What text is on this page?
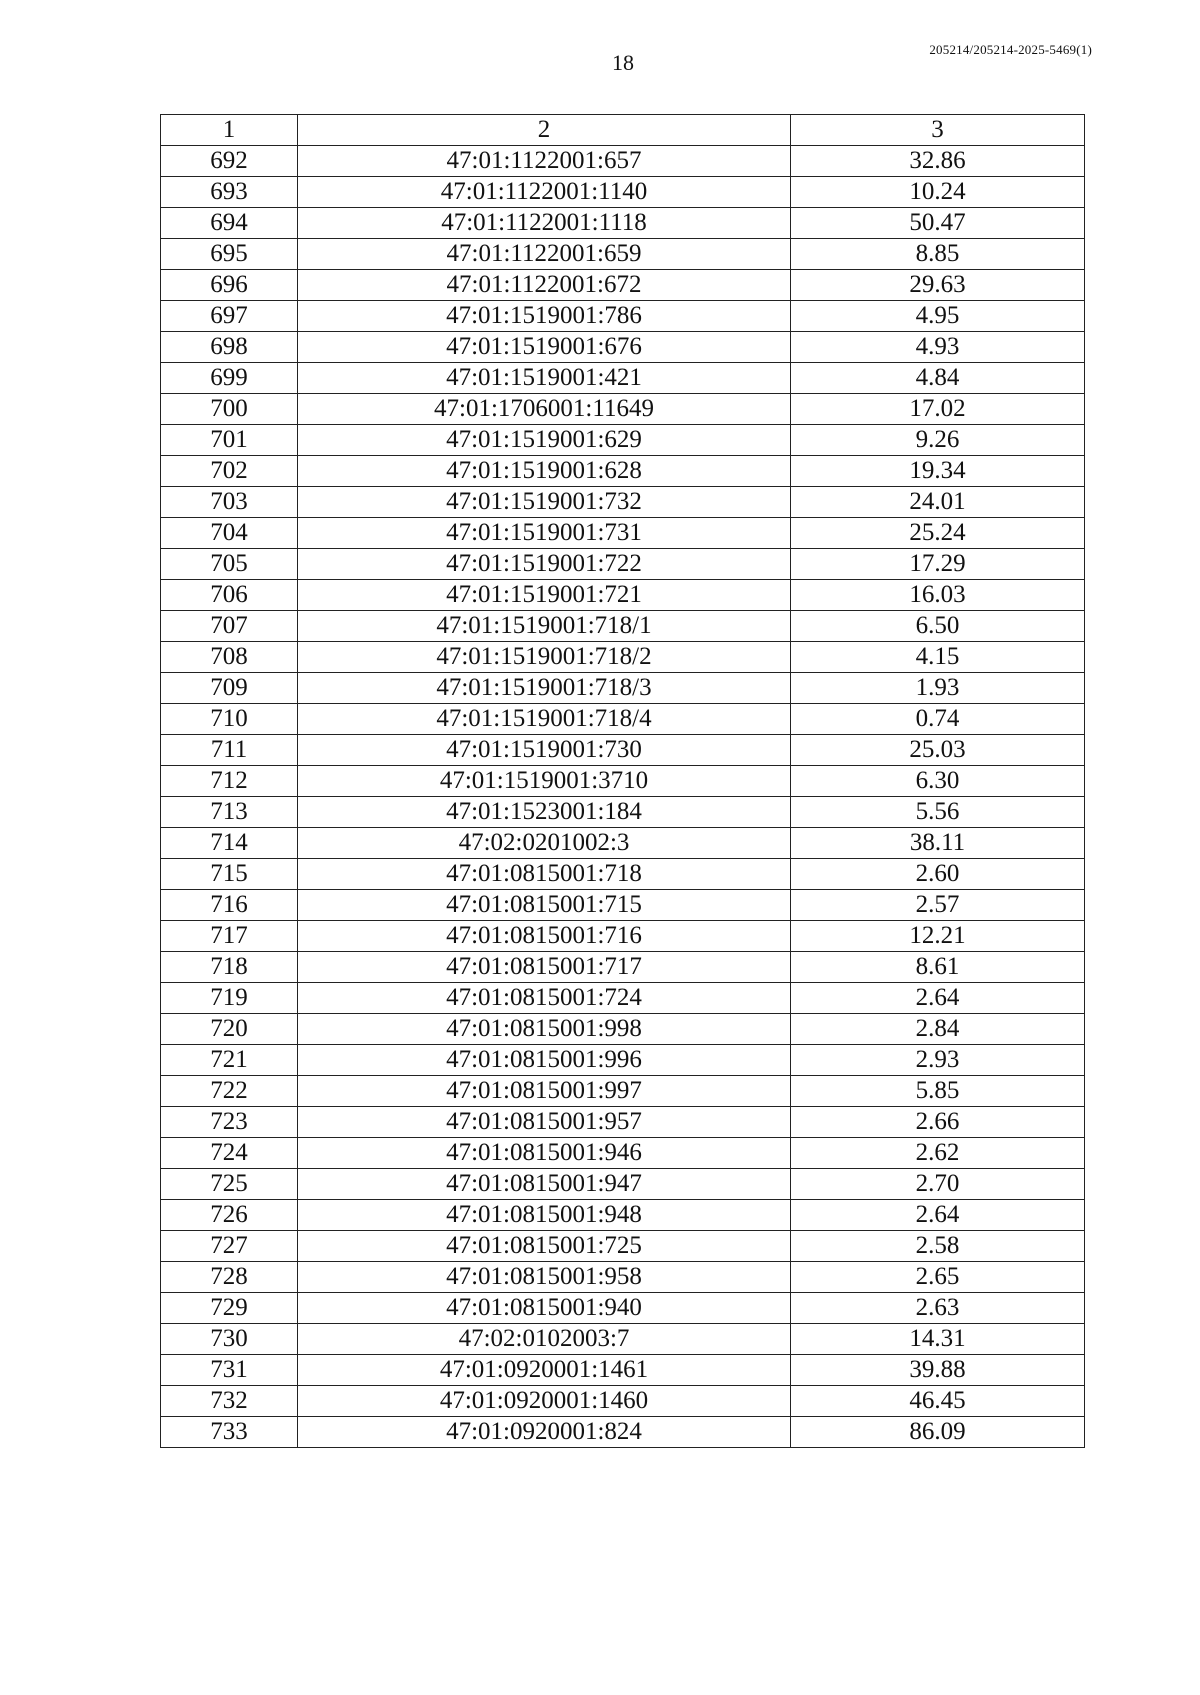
18
205214/205214-2025-5469(1)
1	2	3
692	47:01:1122001:657	32.86
693	47:01:1122001:1140	10.24
694	47:01:1122001:1118	50.47
695	47:01:1122001:659	8.85
696	47:01:1122001:672	29.63
697	47:01:1519001:786	4.95
698	47:01:1519001:676	4.93
699	47:01:1519001:421	4.84
700	47:01:1706001:11649	17.02
701	47:01:1519001:629	9.26
702	47:01:1519001:628	19.34
703	47:01:1519001:732	24.01
704	47:01:1519001:731	25.24
705	47:01:1519001:722	17.29
706	47:01:1519001:721	16.03
707	47:01:1519001:718/1	6.50
708	47:01:1519001:718/2	4.15
709	47:01:1519001:718/3	1.93
710	47:01:1519001:718/4	0.74
711	47:01:1519001:730	25.03
712	47:01:1519001:3710	6.30
713	47:01:1523001:184	5.56
714	47:02:0201002:3	38.11
715	47:01:0815001:718	2.60
716	47:01:0815001:715	2.57
717	47:01:0815001:716	12.21
718	47:01:0815001:717	8.61
719	47:01:0815001:724	2.64
720	47:01:0815001:998	2.84
721	47:01:0815001:996	2.93
722	47:01:0815001:997	5.85
723	47:01:0815001:957	2.66
724	47:01:0815001:946	2.62
725	47:01:0815001:947	2.70
726	47:01:0815001:948	2.64
727	47:01:0815001:725	2.58
728	47:01:0815001:958	2.65
729	47:01:0815001:940	2.63
730	47:02:0102003:7	14.31
731	47:01:0920001:1461	39.88
732	47:01:0920001:1460	46.45
733	47:01:0920001:824	86.09
